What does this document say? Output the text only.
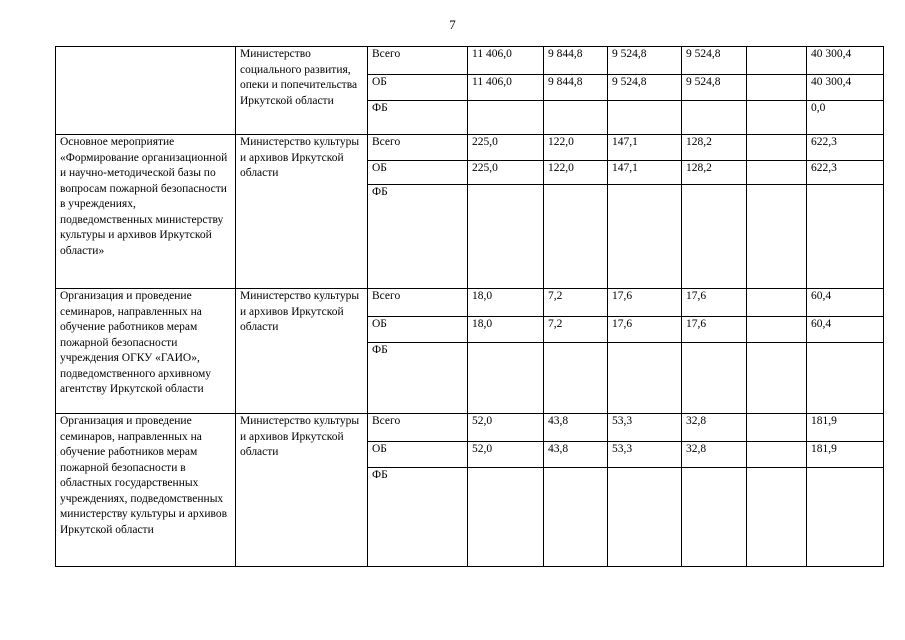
7
	Министерство социального развития, опеки и попечительства Иркутской области	Всего	11 406,0	9 844,8	9 524,8	9 524,8		40 300,4
		ОБ	11 406,0	9 844,8	9 524,8	9 524,8		40 300,4
		ФБ						0,0
Основное мероприятие «Формирование организационной и научно-методической базы по вопросам пожарной безопасности в учреждениях, подведомственных министерству культуры и архивов Иркутской области»	Министерство культуры и архивов Иркутской области	Всего	225,0	122,0	147,1	128,2		622,3
		ОБ	225,0	122,0	147,1	128,2		622,3
		ФБ						
Организация и проведение семинаров, направленных на обучение работников мерам пожарной безопасности учреждения ОГКУ «ГАИО», подведомственного архивному агентству Иркутской области	Министерство культуры и архивов Иркутской области	Всего	18,0	7,2	17,6	17,6		60,4
		ОБ	18,0	7,2	17,6	17,6		60,4
		ФБ						
Организация и проведение семинаров, направленных на обучение работников мерам пожарной безопасности в областных государственных учреждениях, подведомственных министерству культуры и архивов Иркутской области	Министерство культуры и архивов Иркутской области	Всего	52,0	43,8	53,3	32,8		181,9
		ОБ	52,0	43,8	53,3	32,8		181,9
		ФБ						
